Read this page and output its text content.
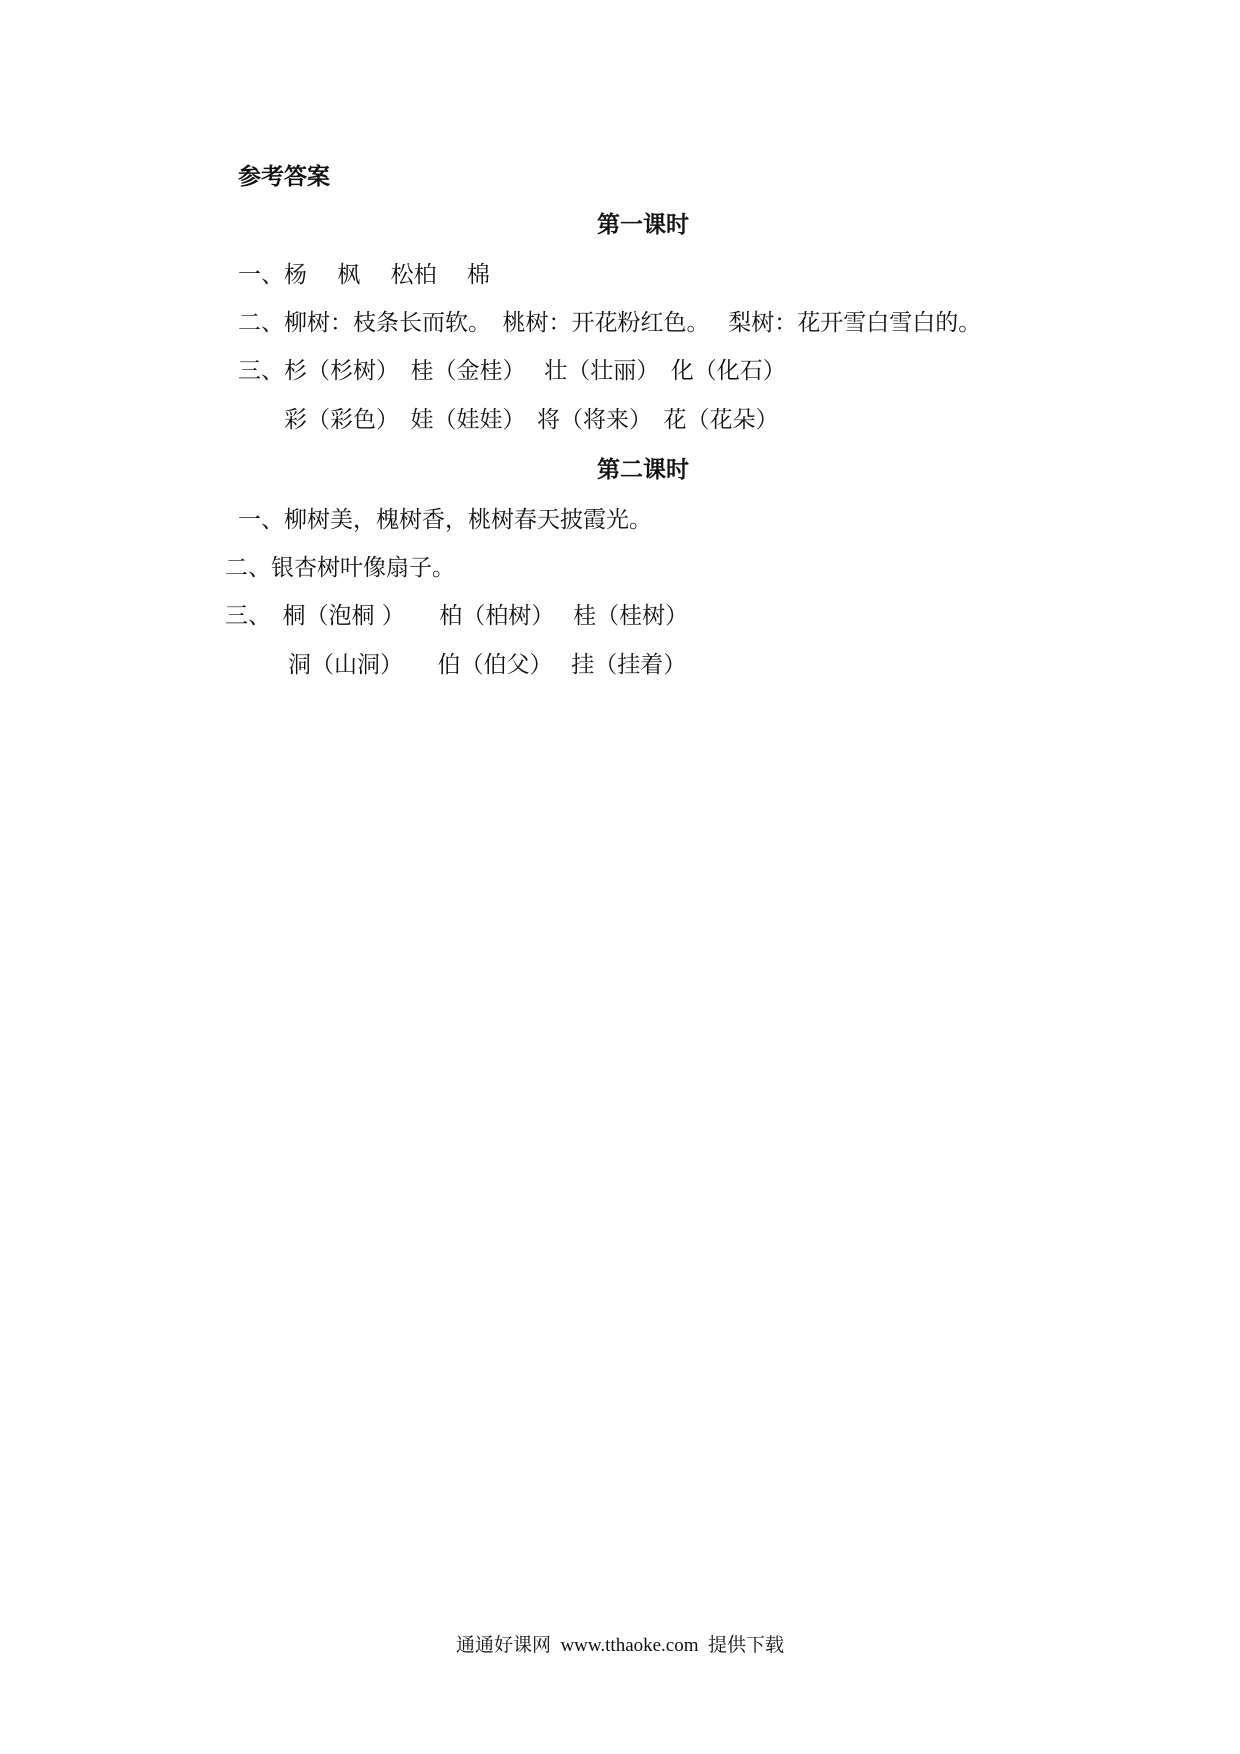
参考答案
第一课时
一、杨　 枫　 松柏　 棉
二、柳树：枝条长而软。　桃树：开花粉红色。　 梨树：花开雪白雪白的。
三、杉（杉树）　桂（金桂）　 壮（壮丽）　化（化石）
彩（彩色）　娃（娃娃）　将（将来）　花（花朵）
第二课时
一、柳树美，槐树香，桃树春天披霞光。
二、银杏树叶像扇子。
三、　桐（泡桐 ）　　柏（柏树）　 桂（桂树）
洞（山洞）　　伯（伯父）　 挂（挂着）
通通好课网  www.tthaoke.com  提供下载
